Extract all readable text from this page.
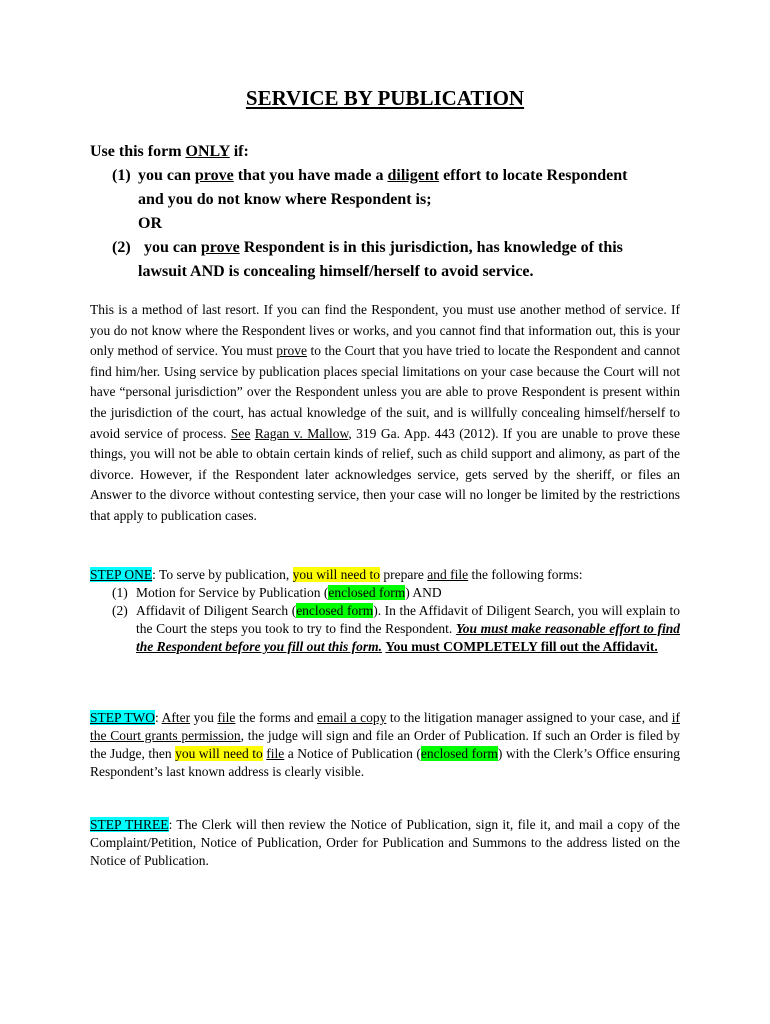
SERVICE BY PUBLICATION
Use this form ONLY if:
(1) you can prove that you have made a diligent effort to locate Respondent
and you do not know where Respondent is;
OR
(2) you can prove Respondent is in this jurisdiction, has knowledge of this
lawsuit AND is concealing himself/herself to avoid service.
This is a method of last resort. If you can find the Respondent, you must use another method of service. If you do not know where the Respondent lives or works, and you cannot find that information out, this is your only method of service. You must prove to the Court that you have tried to locate the Respondent and cannot find him/her. Using service by publication places special limitations on your case because the Court will not have “personal jurisdiction” over the Respondent unless you are able to prove Respondent is present within the jurisdiction of the court, has actual knowledge of the suit, and is willfully concealing himself/herself to avoid service of process. See Ragan v. Mallow, 319 Ga. App. 443 (2012). If you are unable to prove these things, you will not be able to obtain certain kinds of relief, such as child support and alimony, as part of the divorce. However, if the Respondent later acknowledges service, gets served by the sheriff, or files an Answer to the divorce without contesting service, then your case will no longer be limited by the restrictions that apply to publication cases.
STEP ONE: To serve by publication, you will need to prepare and file the following forms:
(1) Motion for Service by Publication (enclosed form) AND
(2) Affidavit of Diligent Search (enclosed form). In the Affidavit of Diligent Search, you will explain to the Court the steps you took to try to find the Respondent. You must make reasonable effort to find the Respondent before you fill out this form. You must COMPLETELY fill out the Affidavit.
STEP TWO: After you file the forms and email a copy to the litigation manager assigned to your case, and if the Court grants permission, the judge will sign and file an Order of Publication. If such an Order is filed by the Judge, then you will need to file a Notice of Publication (enclosed form) with the Clerk’s Office ensuring Respondent’s last known address is clearly visible.
STEP THREE: The Clerk will then review the Notice of Publication, sign it, file it, and mail a copy of the Complaint/Petition, Notice of Publication, Order for Publication and Summons to the address listed on the Notice of Publication.
